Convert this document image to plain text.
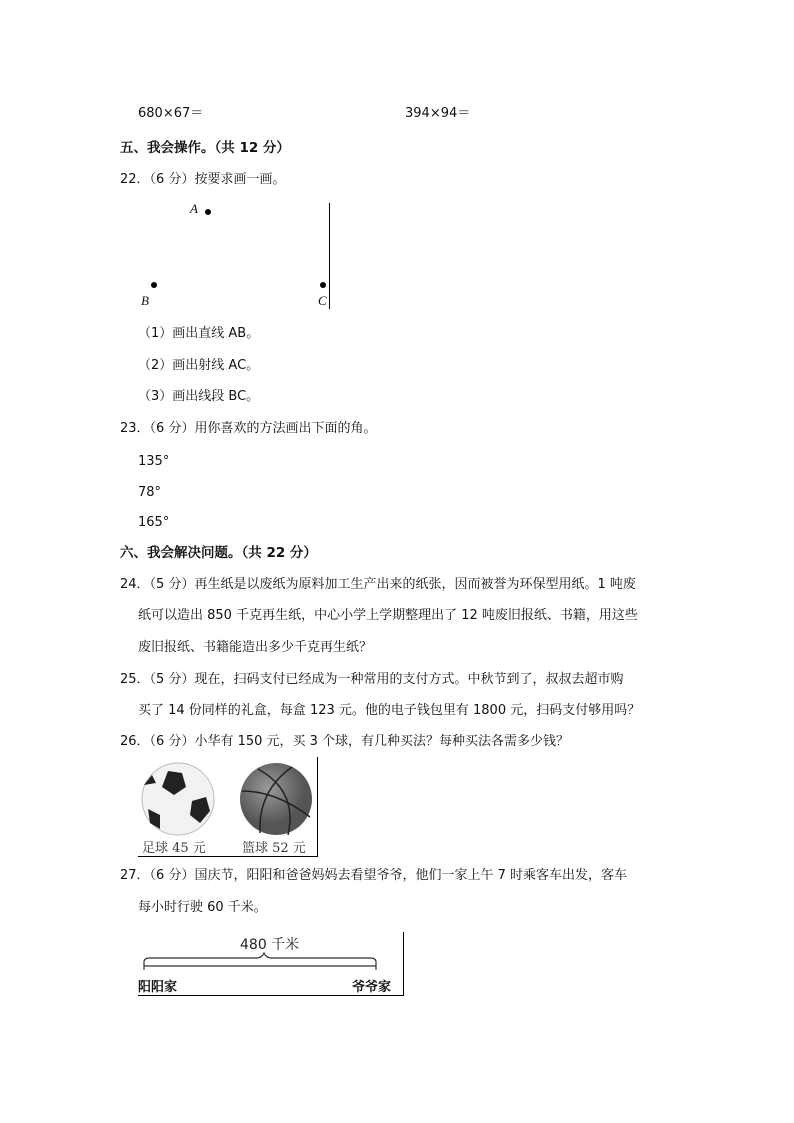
680×67＝	394×94＝
五、我会操作。（共 12 分）
22．（6 分）按要求画一画。
A
B	C
（1）画出直线 AB。
（2）画出射线 AC。
（3）画出线段 BC。
23．（6 分）用你喜欢的方法画出下面的角。
135°
78°
165°
六、我会解决问题。（共 22 分）
24．（5 分）再生纸是以废纸为原料加工生产出来的纸张，因而被誉为环保型用纸。1 吨废
纸可以造出 850 千克再生纸，中心小学上学期整理出了 12 吨废旧报纸、书籍，用这些
废旧报纸、书籍能造出多少千克再生纸？
25．（5 分）现在，扫码支付已经成为一种常用的支付方式。中秋节到了，叔叔去超市购
买了 14 份同样的礼盒，每盒 123 元。他的电子钱包里有 1800 元，扫码支付够用吗？
26．（6 分）小华有 150 元，买 3 个球，有几种买法？每种买法各需多少钱？
足球 45 元	篮球 52 元
27．（6 分）国庆节，阳阳和爸爸妈妈去看望爷爷，他们一家上午 7 时乘客车出发，客车
每小时行驶 60 千米。
480 千米
阳阳家	爷爷家
